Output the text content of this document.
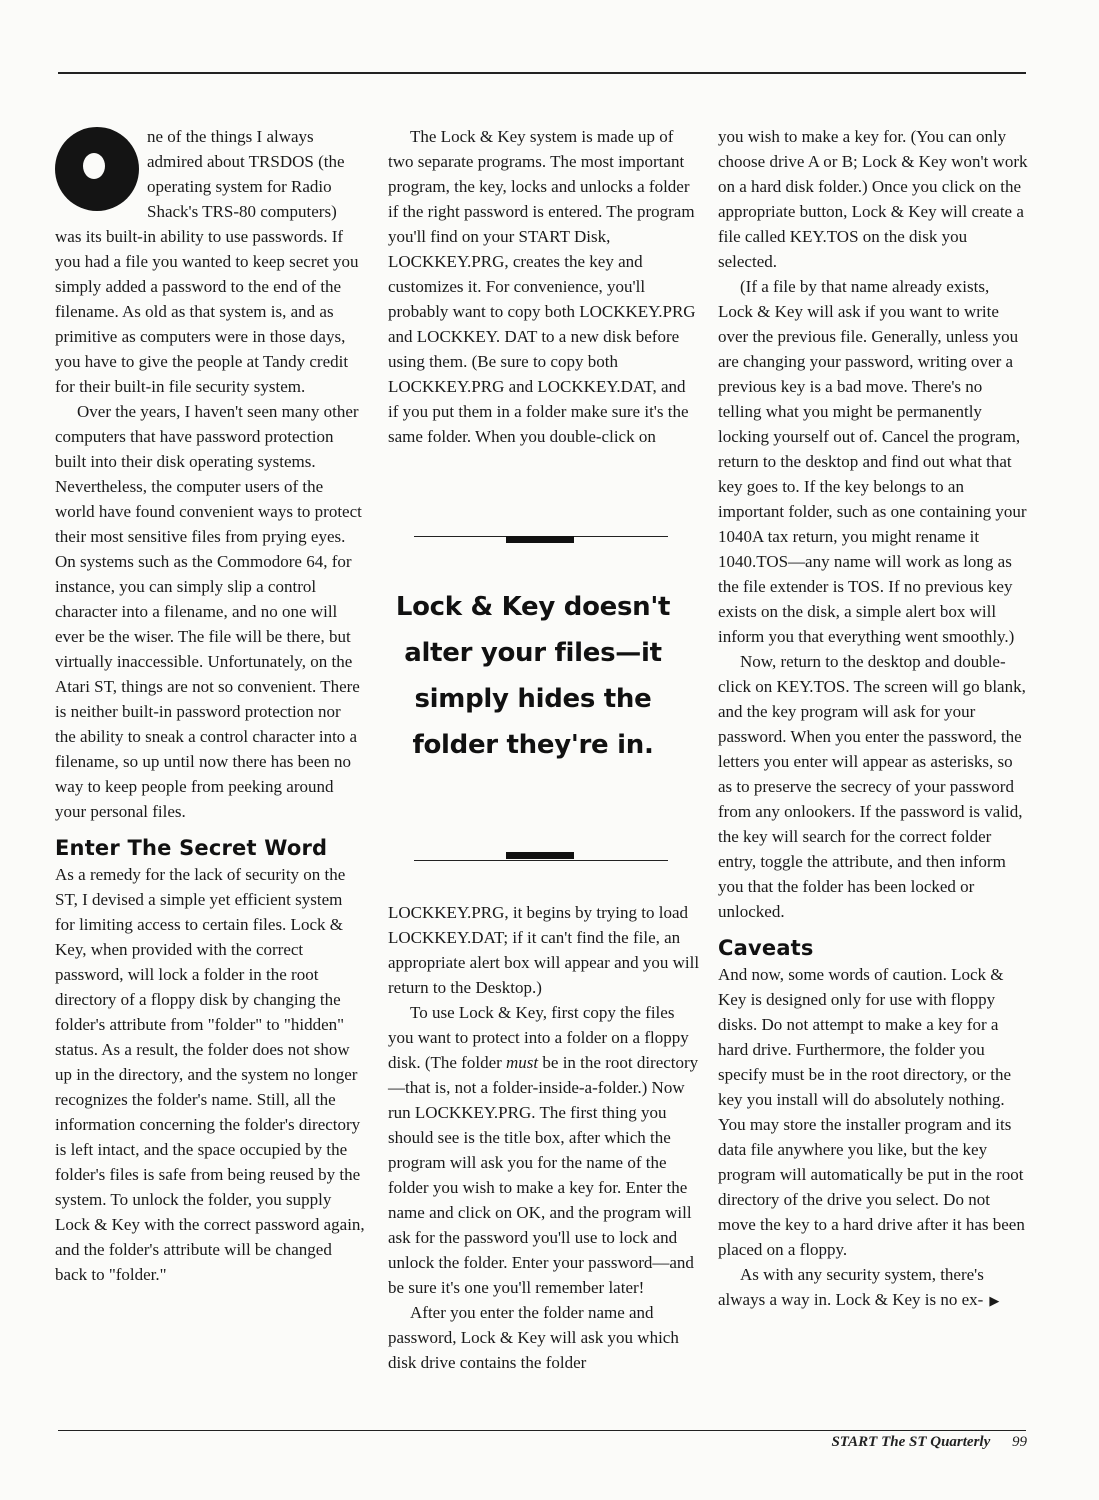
ne of the things I always admired about TRSDOS (the operating system for Radio Shack's TRS-80 computers) was its built-in ability to use passwords. If you had a file you wanted to keep secret you simply added a password to the end of the filename. As old as that system is, and as primitive as computers were in those days, you have to give the people at Tandy credit for their built-in file security system.

Over the years, I haven't seen many other computers that have password protection built into their disk operating systems. Nevertheless, the computer users of the world have found convenient ways to protect their most sensitive files from prying eyes. On systems such as the Commodore 64, for instance, you can simply slip a control character into a filename, and no one will ever be the wiser. The file will be there, but virtually inaccessible. Unfortunately, on the Atari ST, things are not so convenient. There is neither built-in password protection nor the ability to sneak a control character into a filename, so up until now there has been no way to keep people from peeking around your personal files.

Enter The Secret Word

As a remedy for the lack of security on the ST, I devised a simple yet efficient system for limiting access to certain files. Lock & Key, when provided with the correct password, will lock a folder in the root directory of a floppy disk by changing the folder's attribute from "folder" to "hidden" status. As a result, the folder does not show up in the directory, and the system no longer recognizes the folder's name. Still, all the information concerning the folder's directory is left intact, and the space occupied by the folder's files is safe from being reused by the system. To unlock the folder, you supply Lock & Key with the correct password again, and the folder's attribute will be changed back to "folder."

The Lock & Key system is made up of two separate programs. The most important program, the key, locks and unlocks a folder if the right password is entered. The program you'll find on your START Disk, LOCKKEY.PRG, creates the key and customizes it. For convenience, you'll probably want to copy both LOCKKEY.PRG and LOCKKEY. DAT to a new disk before using them. (Be sure to copy both LOCKKEY.PRG and LOCKKEY.DAT, and if you put them in a folder make sure it's the same folder. When you double-click on

Lock & Key doesn't alter your files—it simply hides the folder they're in.

LOCKKEY.PRG, it begins by trying to load LOCKKEY.DAT; if it can't find the file, an appropriate alert box will appear and you will return to the Desktop.)

To use Lock & Key, first copy the files you want to protect into a folder on a floppy disk. (The folder must be in the root directory—that is, not a folder-inside-a-folder.) Now run LOCKKEY.PRG. The first thing you should see is the title box, after which the program will ask you for the name of the folder you wish to make a key for. Enter the name and click on OK, and the program will ask for the password you'll use to lock and unlock the folder. Enter your password—and be sure it's one you'll remember later!

After you enter the folder name and password, Lock & Key will ask you which disk drive contains the folder

you wish to make a key for. (You can only choose drive A or B; Lock & Key won't work on a hard disk folder.) Once you click on the appropriate button, Lock & Key will create a file called KEY.TOS on the disk you selected.

(If a file by that name already exists, Lock & Key will ask if you want to write over the previous file. Generally, unless you are changing your password, writing over a previous key is a bad move. There's no telling what you might be permanently locking yourself out of. Cancel the program, return to the desktop and find out what that key goes to. If the key belongs to an important folder, such as one containing your 1040A tax return, you might rename it 1040.TOS—any name will work as long as the file extender is TOS. If no previous key exists on the disk, a simple alert box will inform you that everything went smoothly.)

Now, return to the desktop and double-click on KEY.TOS. The screen will go blank, and the key program will ask for your password. When you enter the password, the letters you enter will appear as asterisks, so as to preserve the secrecy of your password from any onlookers. If the password is valid, the key will search for the correct folder entry, toggle the attribute, and then inform you that the folder has been locked or unlocked.

Caveats

And now, some words of caution. Lock & Key is designed only for use with floppy disks. Do not attempt to make a key for a hard drive. Furthermore, the folder you specify must be in the root directory, or the key you install will do absolutely nothing. You may store the installer program and its data file anywhere you like, but the key program will automatically be put in the root directory of the drive you select. Do not move the key to a hard drive after it has been placed on a floppy.

As with any security system, there's always a way in. Lock & Key is no ex- ▶

START The ST Quarterly 99
